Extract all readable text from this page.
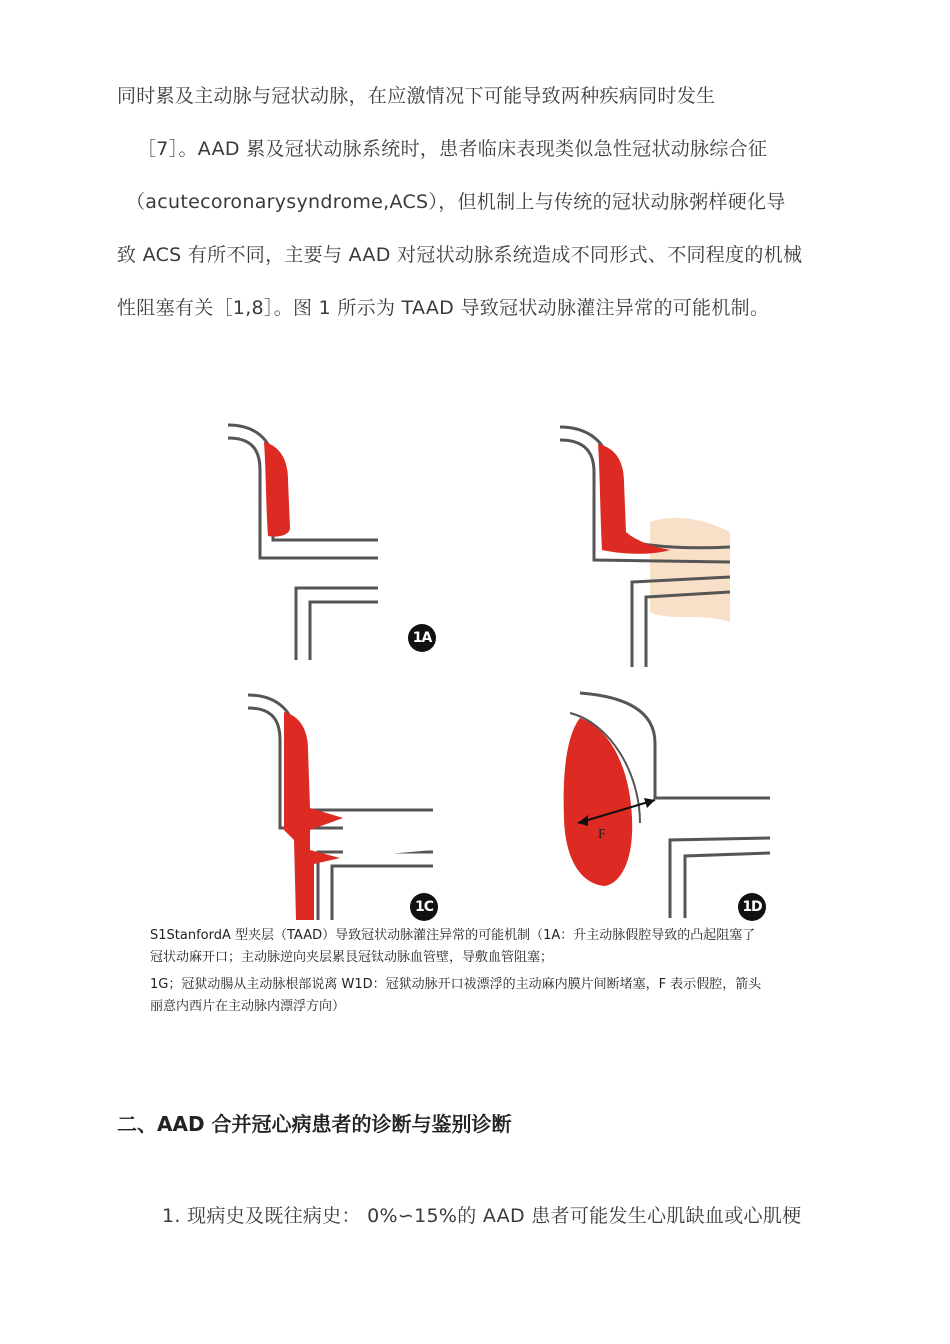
同时累及主动脉与冠状动脉，在应激情况下可能导致两种疾病同时发生
［7］。AAD 累及冠状动脉系统时，患者临床表现类似急性冠状动脉综合征
（acutecoronarysyndrome,ACS），但机制上与传统的冠状动脉粥样硬化导
致 ACS 有所不同，主要与 AAD 对冠状动脉系统造成不同形式、不同程度的机械
性阻塞有关［1,8］。图 1 所示为 TAAD 导致冠状动脉灌注异常的可能机制。
1A
1C
F
1D
S1StanfordA 型夹层（TAAD）导致冠状动脉灌注异常的可能机制（1A：升主动脉假腔导致的凸起阻塞了
冠状动麻开口；主动脉逆向夹层累艮冠钛动脉血管壁，导敷血管阻塞；
1G；冠狱动腸从主动脉根部说离 W1D：冠狱动脉开口祓漂浮的主动麻内膜片间断堵塞，F 表示假腔，箭头
丽意内西片在主动脉内漂浮方向）
二、AAD 合并冠心病患者的诊断与鉴别诊断
1. 现病史及既往病史： 0%∽15%的 AAD 患者可能发生心肌缺血或心肌梗
